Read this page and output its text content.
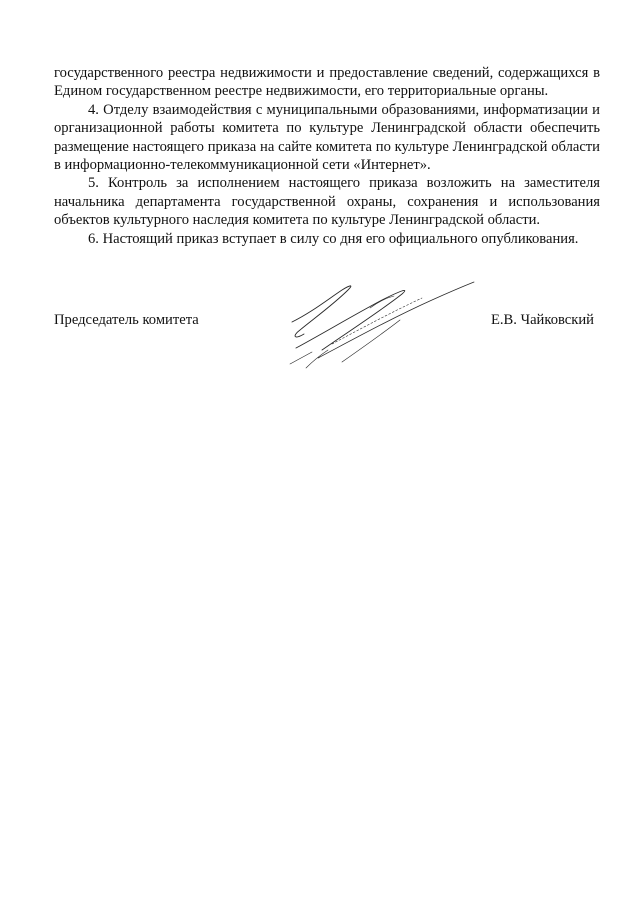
государственного реестра недвижимости и предоставление сведений, содержащихся в Едином государственном реестре недвижимости, его территориальные органы.

4. Отделу взаимодействия с муниципальными образованиями, информатизации и организационной работы комитета по культуре Ленинградской области обеспечить размещение настоящего приказа на сайте комитета по культуре Ленинградской области в информационно-телекоммуникационной сети «Интернет».

5. Контроль за исполнением настоящего приказа возложить на заместителя начальника департамента государственной охраны, сохранения и использования объектов культурного наследия комитета по культуре Ленинградской области.

6. Настоящий приказ вступает в силу со дня его официального опубликования.

Председатель комитета	Е.В. Чайковский
